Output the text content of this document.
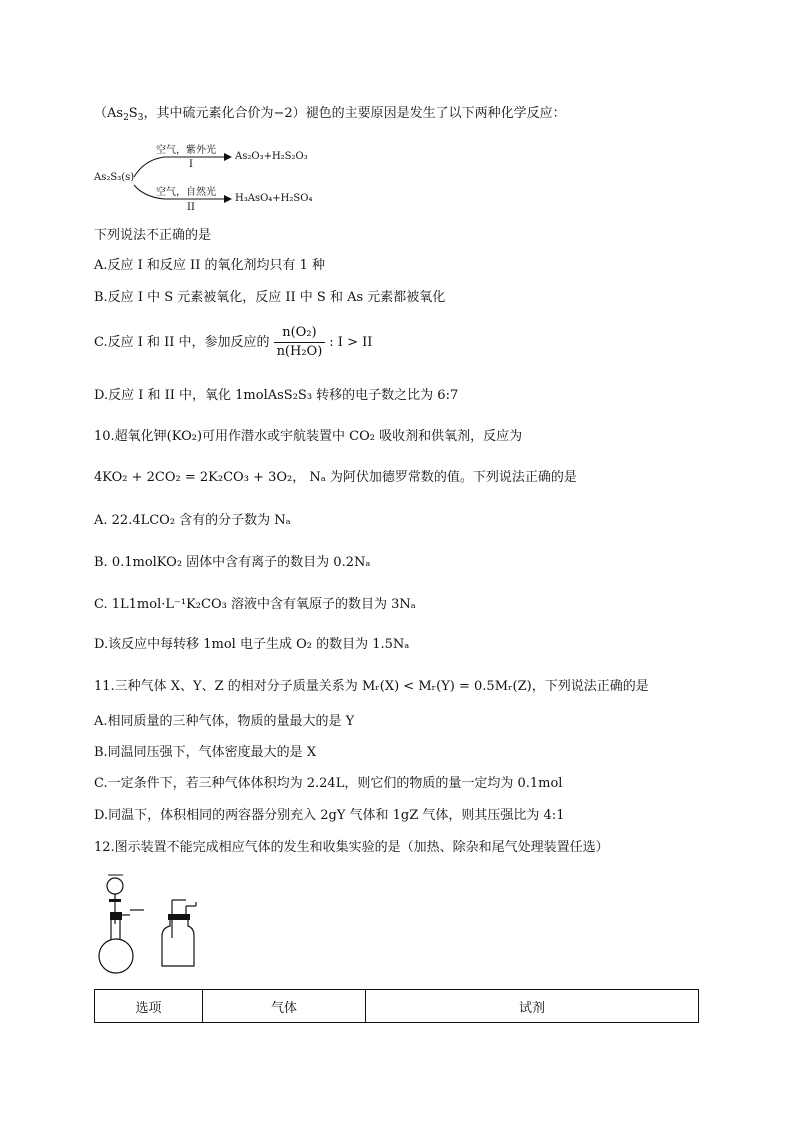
（$As_2S_3$，其中硫元素化合价为−2）褪色的主要原因是发生了以下两种化学反应：
As₂S₃(s)
空气，紫外光
I
As₂O₃+H₂S₂O₃
空气，自然光
II
H₃AsO₄+H₂SO₄
下列说法不正确的是
A.反应 I 和反应 II 的氧化剂均只有 1 种
B.反应 I 中 S 元素被氧化，反应 II 中 S 和 As 元素都被氧化
C.反应 I 和 II 中，参加反应的 $\frac{\text{n(O₂)}}{\text{n(H₂O)}}$ : I > II
D.反应 I 和 II 中，氧化 1molAsS₂S₃ 转移的电子数之比为 6:7
10.超氧化钾(KO₂)可用作潜水或宇航装置中 CO₂ 吸收剂和供氧剂，反应为
4KO₂ + 2CO₂ = 2K₂CO₃ + 3O₂， Nₐ 为阿伏加德罗常数的值。下列说法正确的是
A. 22.4LCO₂ 含有的分子数为 Nₐ
B. 0.1molKO₂ 固体中含有离子的数目为 0.2Nₐ
C. 1L1mol·L⁻¹K₂CO₃ 溶液中含有氧原子的数目为 3Nₐ
D.该反应中每转移 1mol 电子生成 O₂ 的数目为 1.5Nₐ
11.三种气体 X、Y、Z 的相对分子质量关系为 Mᵣ(X) < Mᵣ(Y) = 0.5Mᵣ(Z)，下列说法正确的是
A.相同质量的三种气体，物质的量最大的是 Y
B.同温同压强下，气体密度最大的是 X
C.一定条件下，若三种气体体积均为 2.24L，则它们的物质的量一定均为 0.1mol
D.同温下，体积相同的两容器分别充入 2gY 气体和 1gZ 气体，则其压强比为 4:1
12.图示装置不能完成相应气体的发生和收集实验的是（加热、除杂和尾气处理装置任选）
选项	气体	试剂
